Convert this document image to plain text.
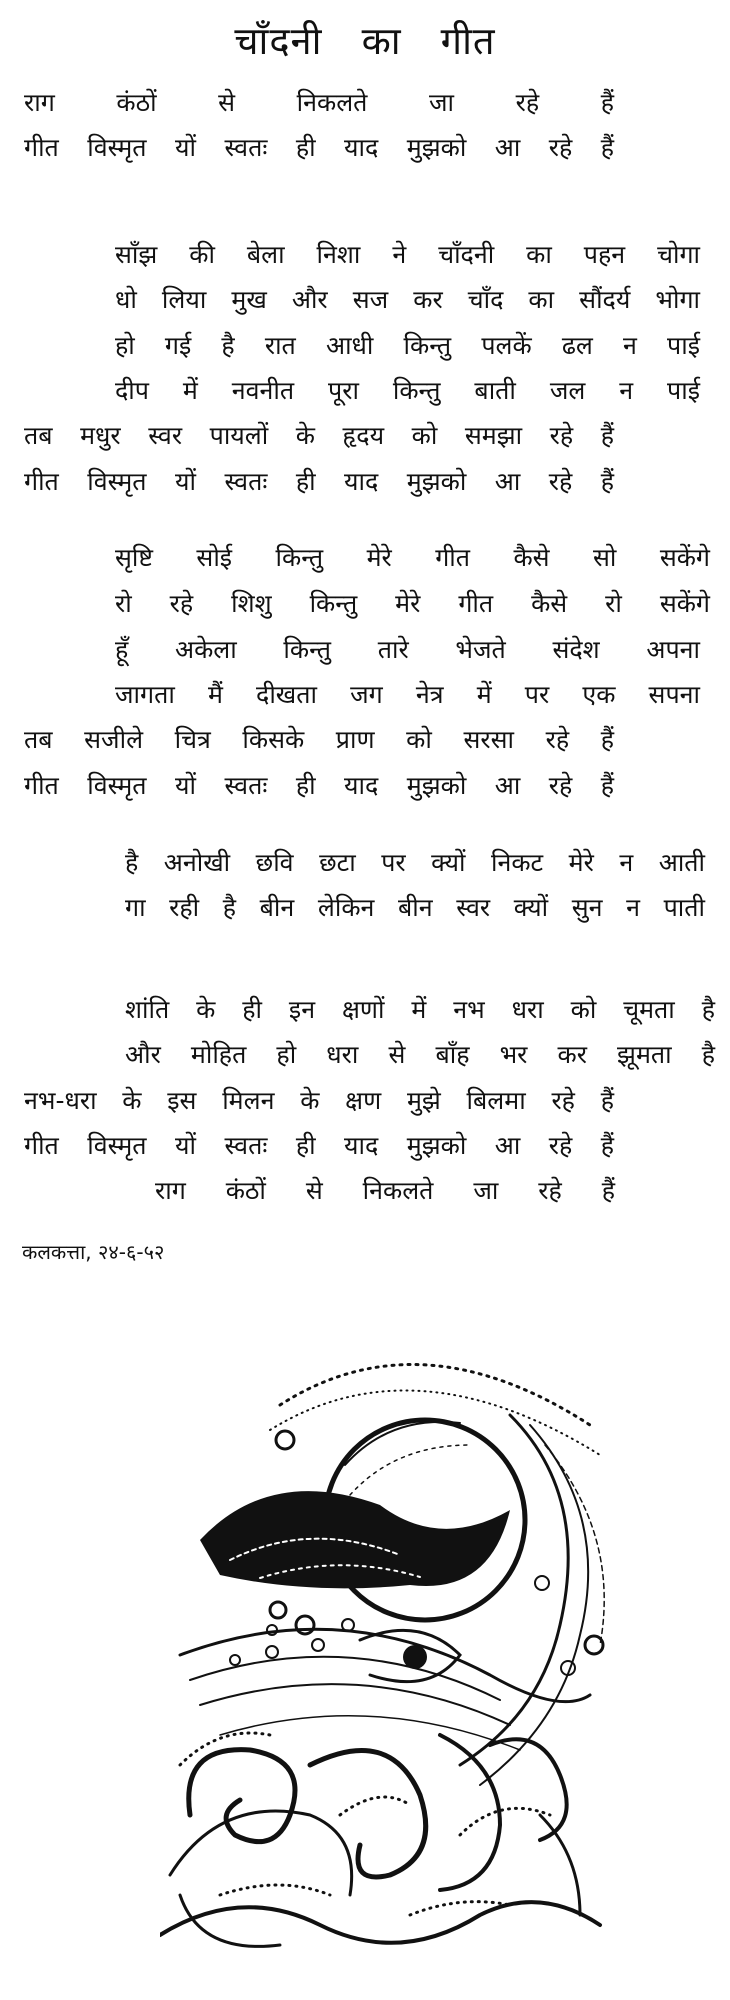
चाँदनी का गीत
राग कंठों से निकलते जा रहे हैं
गीत विस्मृत यों स्वतः ही याद मुझको आ रहे हैं
साँझ की बेला निशा ने चाँदनी का पहन चोगा
धो लिया मुख और सज कर चाँद का सौंदर्य भोगा
हो गई है रात आधी किन्तु पलकें ढल न पाई
दीप में नवनीत पूरा किन्तु बाती जल न पाई
तब मधुर स्वर पायलों के हृदय को समझा रहे हैं
गीत विस्मृत यों स्वतः ही याद मुझको आ रहे हैं
सृष्टि सोई किन्तु मेरे गीत कैसे सो सकेंगे
रो रहे शिशु किन्तु मेरे गीत कैसे रो सकेंगे
हूँ अकेला किन्तु तारे भेजते संदेश अपना
जागता मैं दीखता जग नेत्र में पर एक सपना
तब सजीले चित्र किसके प्राण को सरसा रहे हैं
गीत विस्मृत यों स्वतः ही याद मुझको आ रहे हैं
है अनोखी छवि छटा पर क्यों निकट मेरे न आती
गा रही है बीन लेकिन बीन स्वर क्यों सुन न पाती
शांति के ही इन क्षणों में नभ धरा को चूमता है
और मोहित हो धरा से बाँह भर कर झूमता है
नभ-धरा के इस मिलन के क्षण मुझे बिलमा रहे हैं
गीत विस्मृत यों स्वतः ही याद मुझको आ रहे हैं
राग कंठों से निकलते जा रहे हैं
कलकत्ता, २४-६-५२
